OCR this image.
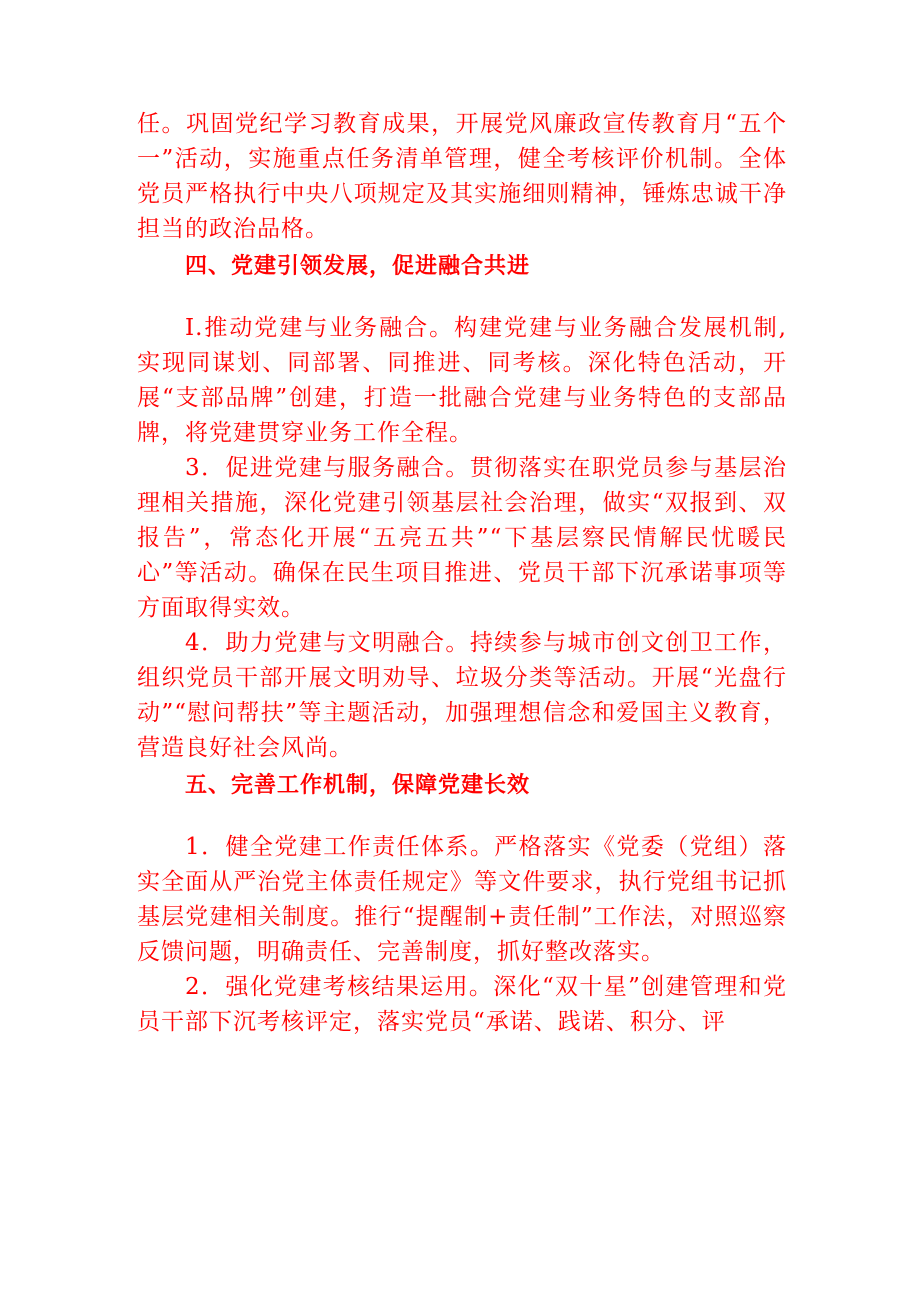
任。巩固党纪学习教育成果，开展党风廉政宣传教育月“五个一”活动，实施重点任务清单管理，健全考核评价机制。全体党员严格执行中央八项规定及其实施细则精神，锤炼忠诚干净担当的政治品格。

四、党建引领发展，促进融合共进

I.推动党建与业务融合。构建党建与业务融合发展机制,实现同谋划、同部署、同推进、同考核。深化特色活动，开展“支部品牌”创建，打造一批融合党建与业务特色的支部品牌，将党建贯穿业务工作全程。

3．促进党建与服务融合。贯彻落实在职党员参与基层治理相关措施，深化党建引领基层社会治理，做实“双报到、双报告”，常态化开展“五亮五共”“下基层察民情解民忧暖民心”等活动。确保在民生项目推进、党员干部下沉承诺事项等方面取得实效。

4．助力党建与文明融合。持续参与城市创文创卫工作，组织党员干部开展文明劝导、垃圾分类等活动。开展“光盘行动”“慰问帮扶”等主题活动，加强理想信念和爱国主义教育，营造良好社会风尚。

五、完善工作机制，保障党建长效

1．健全党建工作责任体系。严格落实《党委（党组）落实全面从严治党主体责任规定》等文件要求，执行党组书记抓基层党建相关制度。推行“提醒制+责任制”工作法，对照巡察反馈问题，明确责任、完善制度，抓好整改落实。

2．强化党建考核结果运用。深化“双十星”创建管理和党员干部下沉考核评定，落实党员“承诺、践诺、积分、评
